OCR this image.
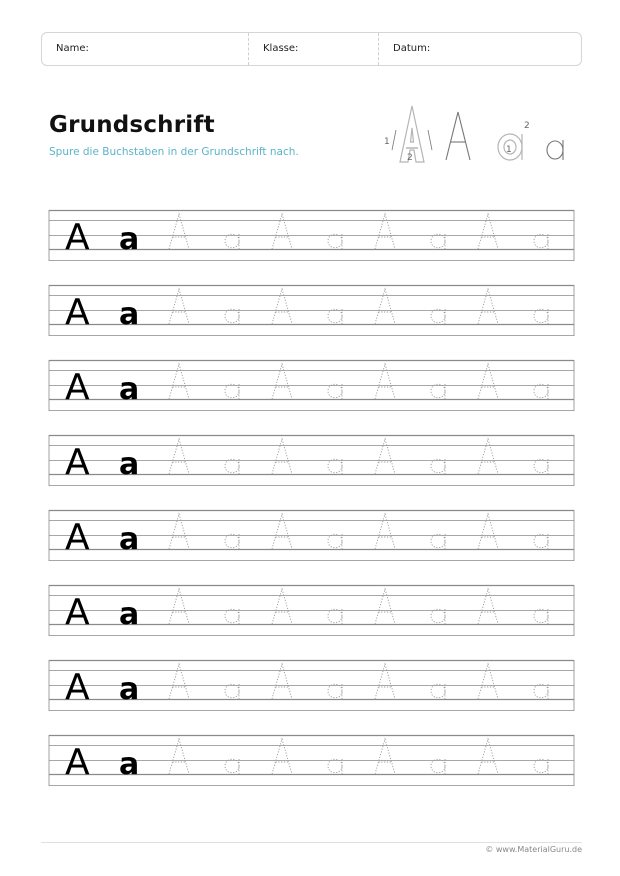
Name:	Klasse:	Datum:
Grundschrift
Spure die Buchstaben in der Grundschrift nach.
1
2
1
2
A a
A a
A a
A a
A a
A a
A a
A a
© www.MaterialGuru.de
